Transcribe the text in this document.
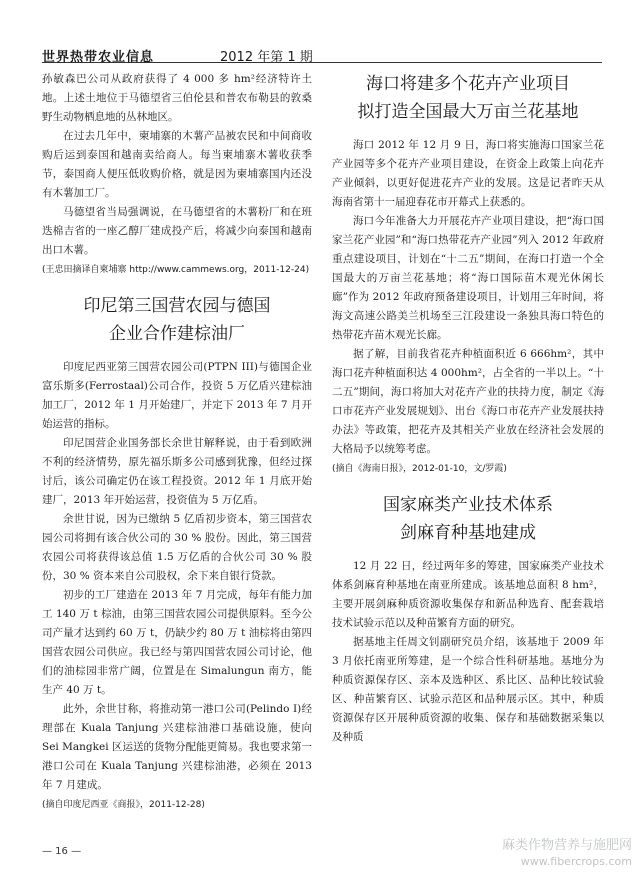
世界热带农业信息	2012 年第 1 期

孙敏森巴公司从政府获得了 4 000 多 hm²经济特许土地。上述土地位于马德望省三伯伦县和普农布勒县的敦桑野生动物栖息地的丛林地区。

在过去几年中，柬埔寨的木薯产品被农民和中间商收购后运到泰国和越南卖给商人。每当柬埔寨木薯收获季节，泰国商人便压低收购价格，就是因为柬埔寨国内还没有木薯加工厂。

马德望省当局强调说，在马德望省的木薯粉厂和在班迭棉吉省的一座乙醇厂建成投产后，将减少向泰国和越南出口木薯。

(王忠田摘译自柬埔寨 http://www.cammews.org，2011-12-24)

印尼第三国营农园与德国
企业合作建棕油厂

印度尼西亚第三国营农园公司(PTPN III)与德国企业富乐斯多(Ferrostaal)公司合作，投资 5 万亿盾兴建棕油加工厂，2012 年 1 月开始建厂，并定下 2013 年 7 月开始运营的指标。

印尼国营企业国务部长余世甘解释说，由于看到欧洲不利的经济情势，原先福乐斯多公司感到犹豫，但经过探讨后，该公司确定仍在该工程投资。2012 年 1 月底开始建厂，2013 年开始运营，投资值为 5 万亿盾。

余世甘说，因为已缴纳 5 亿盾初步资本，第三国营农园公司将拥有该合伙公司的 30 % 股份。因此，第三国营农园公司将获得该总值 1.5 万亿盾的合伙公司 30 % 股份，30 % 资本来自公司股权，余下来自银行贷款。

初步的工厂建造在 2013 年 7 月完成，每年有能力加工 140 万 t 棕油，由第三国营农园公司提供原料。至今公司产量才达到约 60 万 t，仍缺少约 80 万 t 油棕将由第四国营农园公司供应。我已经与第四国营农园公司讨论，他们的油棕园非常广阔，位置是在 Simalungun 南方，能生产 40 万 t。

此外，余世甘称，将推动第一港口公司(Pelindo I)经理部在 Kuala Tanjung 兴建棕油港口基础设施，使向 Sei Mangkei 区运送的货物分配能更简易。我也要求第一港口公司在 Kuala Tanjung 兴建棕油港，必须在 2013 年 7 月建成。

(摘自印度尼西亚《商报》，2011-12-28)

海口将建多个花卉产业项目
拟打造全国最大万亩兰花基地

海口 2012 年 12 月 9 日，海口将实施海口国家兰花产业园等多个花卉产业项目建设，在资金上政策上向花卉产业倾斜，以更好促进花卉产业的发展。这是记者昨天从海南省第十一届迎春花市开幕式上获悉的。

海口今年准备大力开展花卉产业项目建设，把“海口国家兰花产业园”和“海口热带花卉产业园”列入 2012 年政府重点建设项目，计划在“十二五”期间，在海口打造一个全国最大的万亩兰花基地；将“海口国际苗木观光休闲长廊”作为 2012 年政府预备建设项目，计划用三年时间，将海文高速公路美兰机场至三江段建设一条独具海口特色的热带花卉苗木观光长廊。

据了解，目前我省花卉种植面积近 6 666hm²，其中海口花卉种植面积达 4 000hm²，占全省的一半以上。“十二五”期间，海口将加大对花卉产业的扶持力度，制定《海口市花卉产业发展规划》、出台《海口市花卉产业发展扶持办法》等政策，把花卉及其相关产业放在经济社会发展的大格局予以统筹考虑。

(摘自《海南日报》，2012-01-10，文/罗霞)

国家麻类产业技术体系
剑麻育种基地建成

12 月 22 日，经过两年多的筹建，国家麻类产业技术体系剑麻育种基地在南亚所建成。该基地总面积 8 hm²，主要开展剑麻种质资源收集保存和新品种选育、配套栽培技术试验示范以及种苗繁育方面的研究。

据基地主任周文钊副研究员介绍，该基地于 2009 年 3 月依托南亚所筹建，是一个综合性科研基地。基地分为种质资源保存区、亲本及选种区、系比区、品种比较试验区、种苗繁育区、试验示范区和品种展示区。其中，种质资源保存区开展种质资源的收集、保存和基础数据采集以及种质

— 16 —	麻类作物营养与施肥网
www.fibercrops.com
